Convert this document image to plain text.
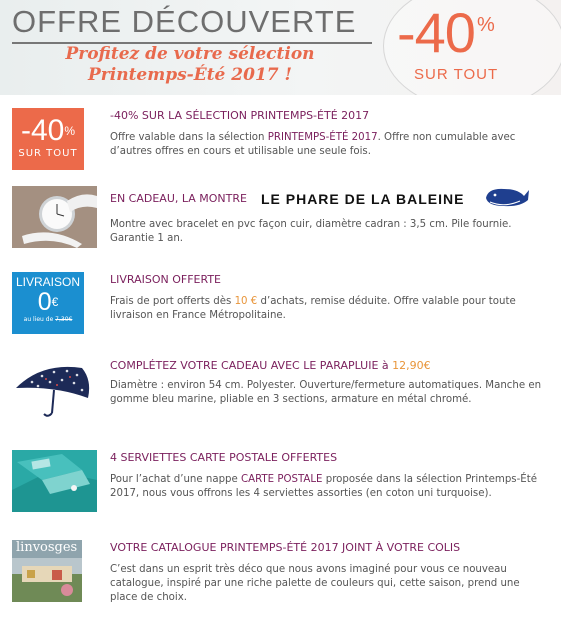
OFFRE DÉCOUVERTE
Profitez de votre sélection
Printemps-Été 2017 !
-40 %
SUR TOUT
-40%
SUR TOUT
-40% SUR LA SÉLECTION PRINTEMPS-ÉTÉ 2017
Offre valable dans la sélection PRINTEMPS-ÉTÉ 2017. Offre non cumulable avec d’autres offres en cours et utilisable une seule fois.
EN CADEAU, LA MONTRE LE PHARE DE LA BALEINE
Montre avec bracelet en pvc façon cuir, diamètre cadran : 3,5 cm. Pile fournie. Garantie 1 an.
LIVRAISON
0€
au lieu de 7,30€
LIVRAISON OFFERTE
Frais de port offerts dès 10 € d’achats, remise déduite. Offre valable pour toute livraison en France Métropolitaine.
COMPLÉTEZ VOTRE CADEAU AVEC LE PARAPLUIE à 12,90€
Diamètre : environ 54 cm. Polyester. Ouverture/fermeture automatiques. Manche en gomme bleu marine, pliable en 3 sections, armature en métal chromé.
4 SERVIETTES CARTE POSTALE OFFERTES
Pour l’achat d’une nappe CARTE POSTALE proposée dans la sélection Printemps-Été 2017, nous vous offrons les 4 serviettes assorties (en coton uni turquoise).
linvosges	VOTRE CATALOGUE PRINTEMPS-ÉTÉ 2017 JOINT À VOTRE COLIS
C’est dans un esprit très déco que nous avons imaginé pour vous ce nouveau catalogue, inspiré par une riche palette de couleurs qui, cette saison, prend une place de choix.
